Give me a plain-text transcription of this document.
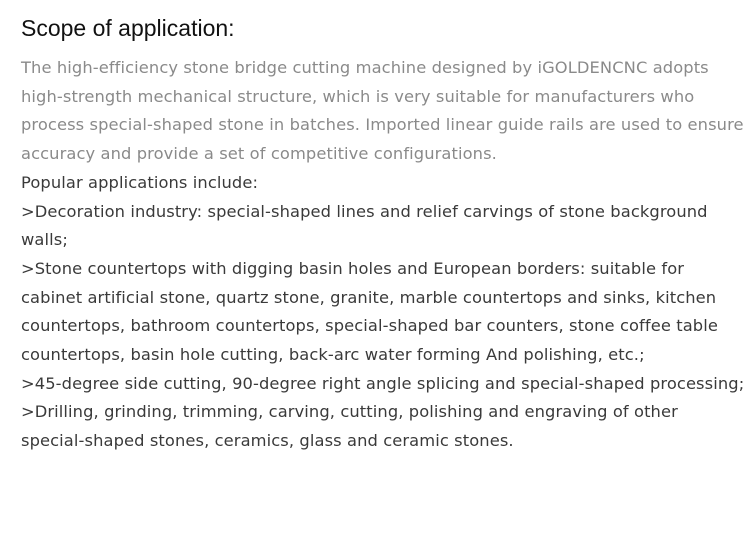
Scope of application:

The high-efficiency stone bridge cutting machine designed by iGOLDENCNC adopts high-strength mechanical structure, which is very suitable for manufacturers who process special-shaped stone in batches. Imported linear guide rails are used to ensure accuracy and provide a set of competitive configurations.

Popular applications include:
>Decoration industry: special-shaped lines and relief carvings of stone background walls;
>Stone countertops with digging basin holes and European borders: suitable for cabinet artificial stone, quartz stone, granite, marble countertops and sinks, kitchen countertops, bathroom countertops, special-shaped bar counters, stone coffee table countertops, basin hole cutting, back-arc water forming And polishing, etc.;
>45-degree side cutting, 90-degree right angle splicing and special-shaped processing;
>Drilling, grinding, trimming, carving, cutting, polishing and engraving of other special-shaped stones, ceramics, glass and ceramic stones.
